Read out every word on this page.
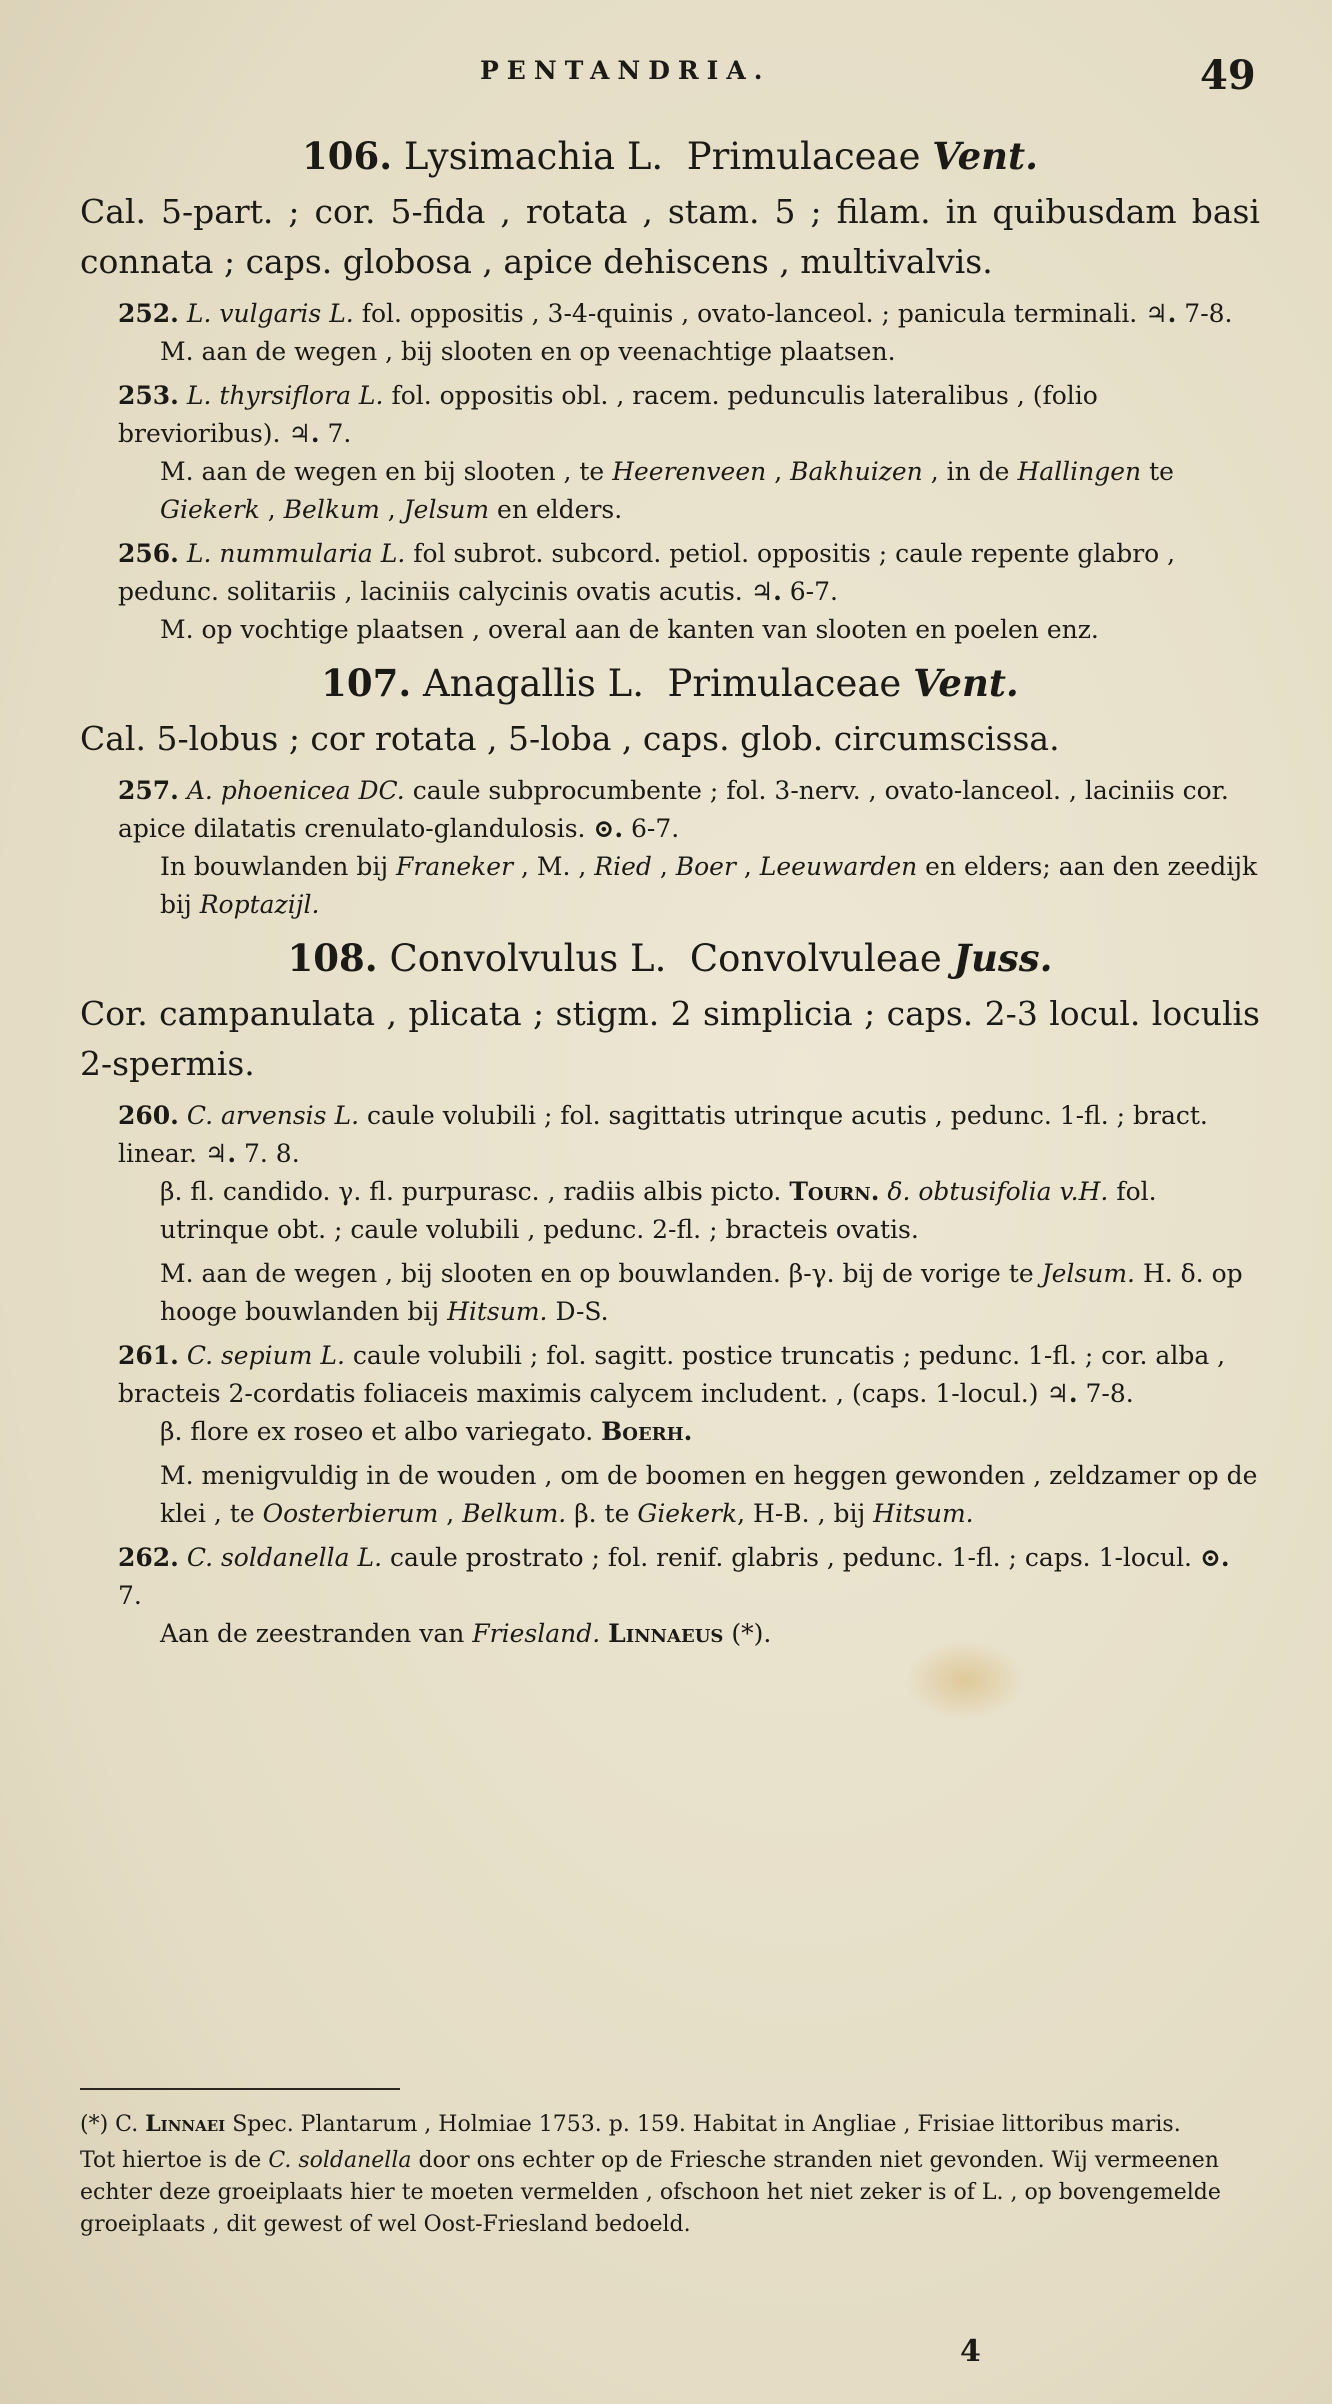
PENTANDRIA.	49

106. Lysimachia L. Primulaceae Vent.

Cal. 5-part. ; cor. 5-fida , rotata , stam. 5 ; filam. in quibusdam basi connata ; caps. globosa , apice dehiscens , multivalvis.

252. L. vulgaris L. fol. oppositis , 3-4-quinis , ovato-lanceol. ; panicula terminali. ♃. 7-8.

M. aan de wegen , bij slooten en op veenachtige plaatsen.

253. L. thyrsiflora L. fol. oppositis obl. , racem. pedunculis lateralibus , (folio brevioribus). ♃. 7.

M. aan de wegen en bij slooten , te Heerenveen , Bakhuizen , in de Hallingen te Giekerk , Belkum , Jelsum en elders.

256. L. nummularia L. fol subrot. subcord. petiol. oppositis ; caule repente glabro , pedunc. solitariis , laciniis calycinis ovatis acutis. ♃. 6-7.

M. op vochtige plaatsen , overal aan de kanten van slooten en poelen enz.

107. Anagallis L. Primulaceae Vent.

Cal. 5-lobus ; cor rotata , 5-loba , caps. glob. circumscissa.

257. A. phoenicea DC. caule subprocumbente ; fol. 3-nerv. , ovato-lanceol. , laciniis cor. apice dilatatis crenulato-glandulosis. ⊙. 6-7.

In bouwlanden bij Franeker , M. , Ried , Boer , Leeuwarden en elders; aan den zeedijk bij Roptazijl.

108. Convolvulus L. Convolvuleae Juss.

Cor. campanulata , plicata ; stigm. 2 simplicia ; caps. 2-3 locul. loculis 2-spermis.

260. C. arvensis L. caule volubili ; fol. sagittatis utrinque acutis , pedunc. 1-fl. ; bract. linear. ♃. 7. 8.

β. fl. candido. γ. fl. purpurasc. , radiis albis picto. Tourn. δ. obtusifolia v.H. fol. utrinque obt. ; caule volubili , pedunc. 2-fl. ; bracteis ovatis.

M. aan de wegen , bij slooten en op bouwlanden. β-γ. bij de vorige te Jelsum. H. δ. op hooge bouwlanden bij Hitsum. D-S.

261. C. sepium L. caule volubili ; fol. sagitt. postice truncatis ; pedunc. 1-fl. ; cor. alba , bracteis 2-cordatis foliaceis maximis calycem includent. , (caps. 1-locul.) ♃. 7-8.

β. flore ex roseo et albo variegato. Boerh.

M. menigvuldig in de wouden , om de boomen en heggen gewonden , zeldzamer op de klei , te Oosterbierum , Belkum. β. te Giekerk, H-B. , bij Hitsum.

262. C. soldanella L. caule prostrato ; fol. renif. glabris , pedunc. 1-fl. ; caps. 1-locul. ⊙. 7.

Aan de zeestranden van Friesland. Linnaeus (*).

(*) C. Linnaei Spec. Plantarum , Holmiae 1753. p. 159. Habitat in Angliae , Frisiae littoribus maris.

Tot hiertoe is de C. soldanella door ons echter op de Friesche stranden niet gevonden. Wij vermeenen echter deze groeiplaats hier te moeten vermelden , ofschoon het niet zeker is of L. , op bovengemelde groeiplaats , dit gewest of wel Oost-Friesland bedoeld.

4
